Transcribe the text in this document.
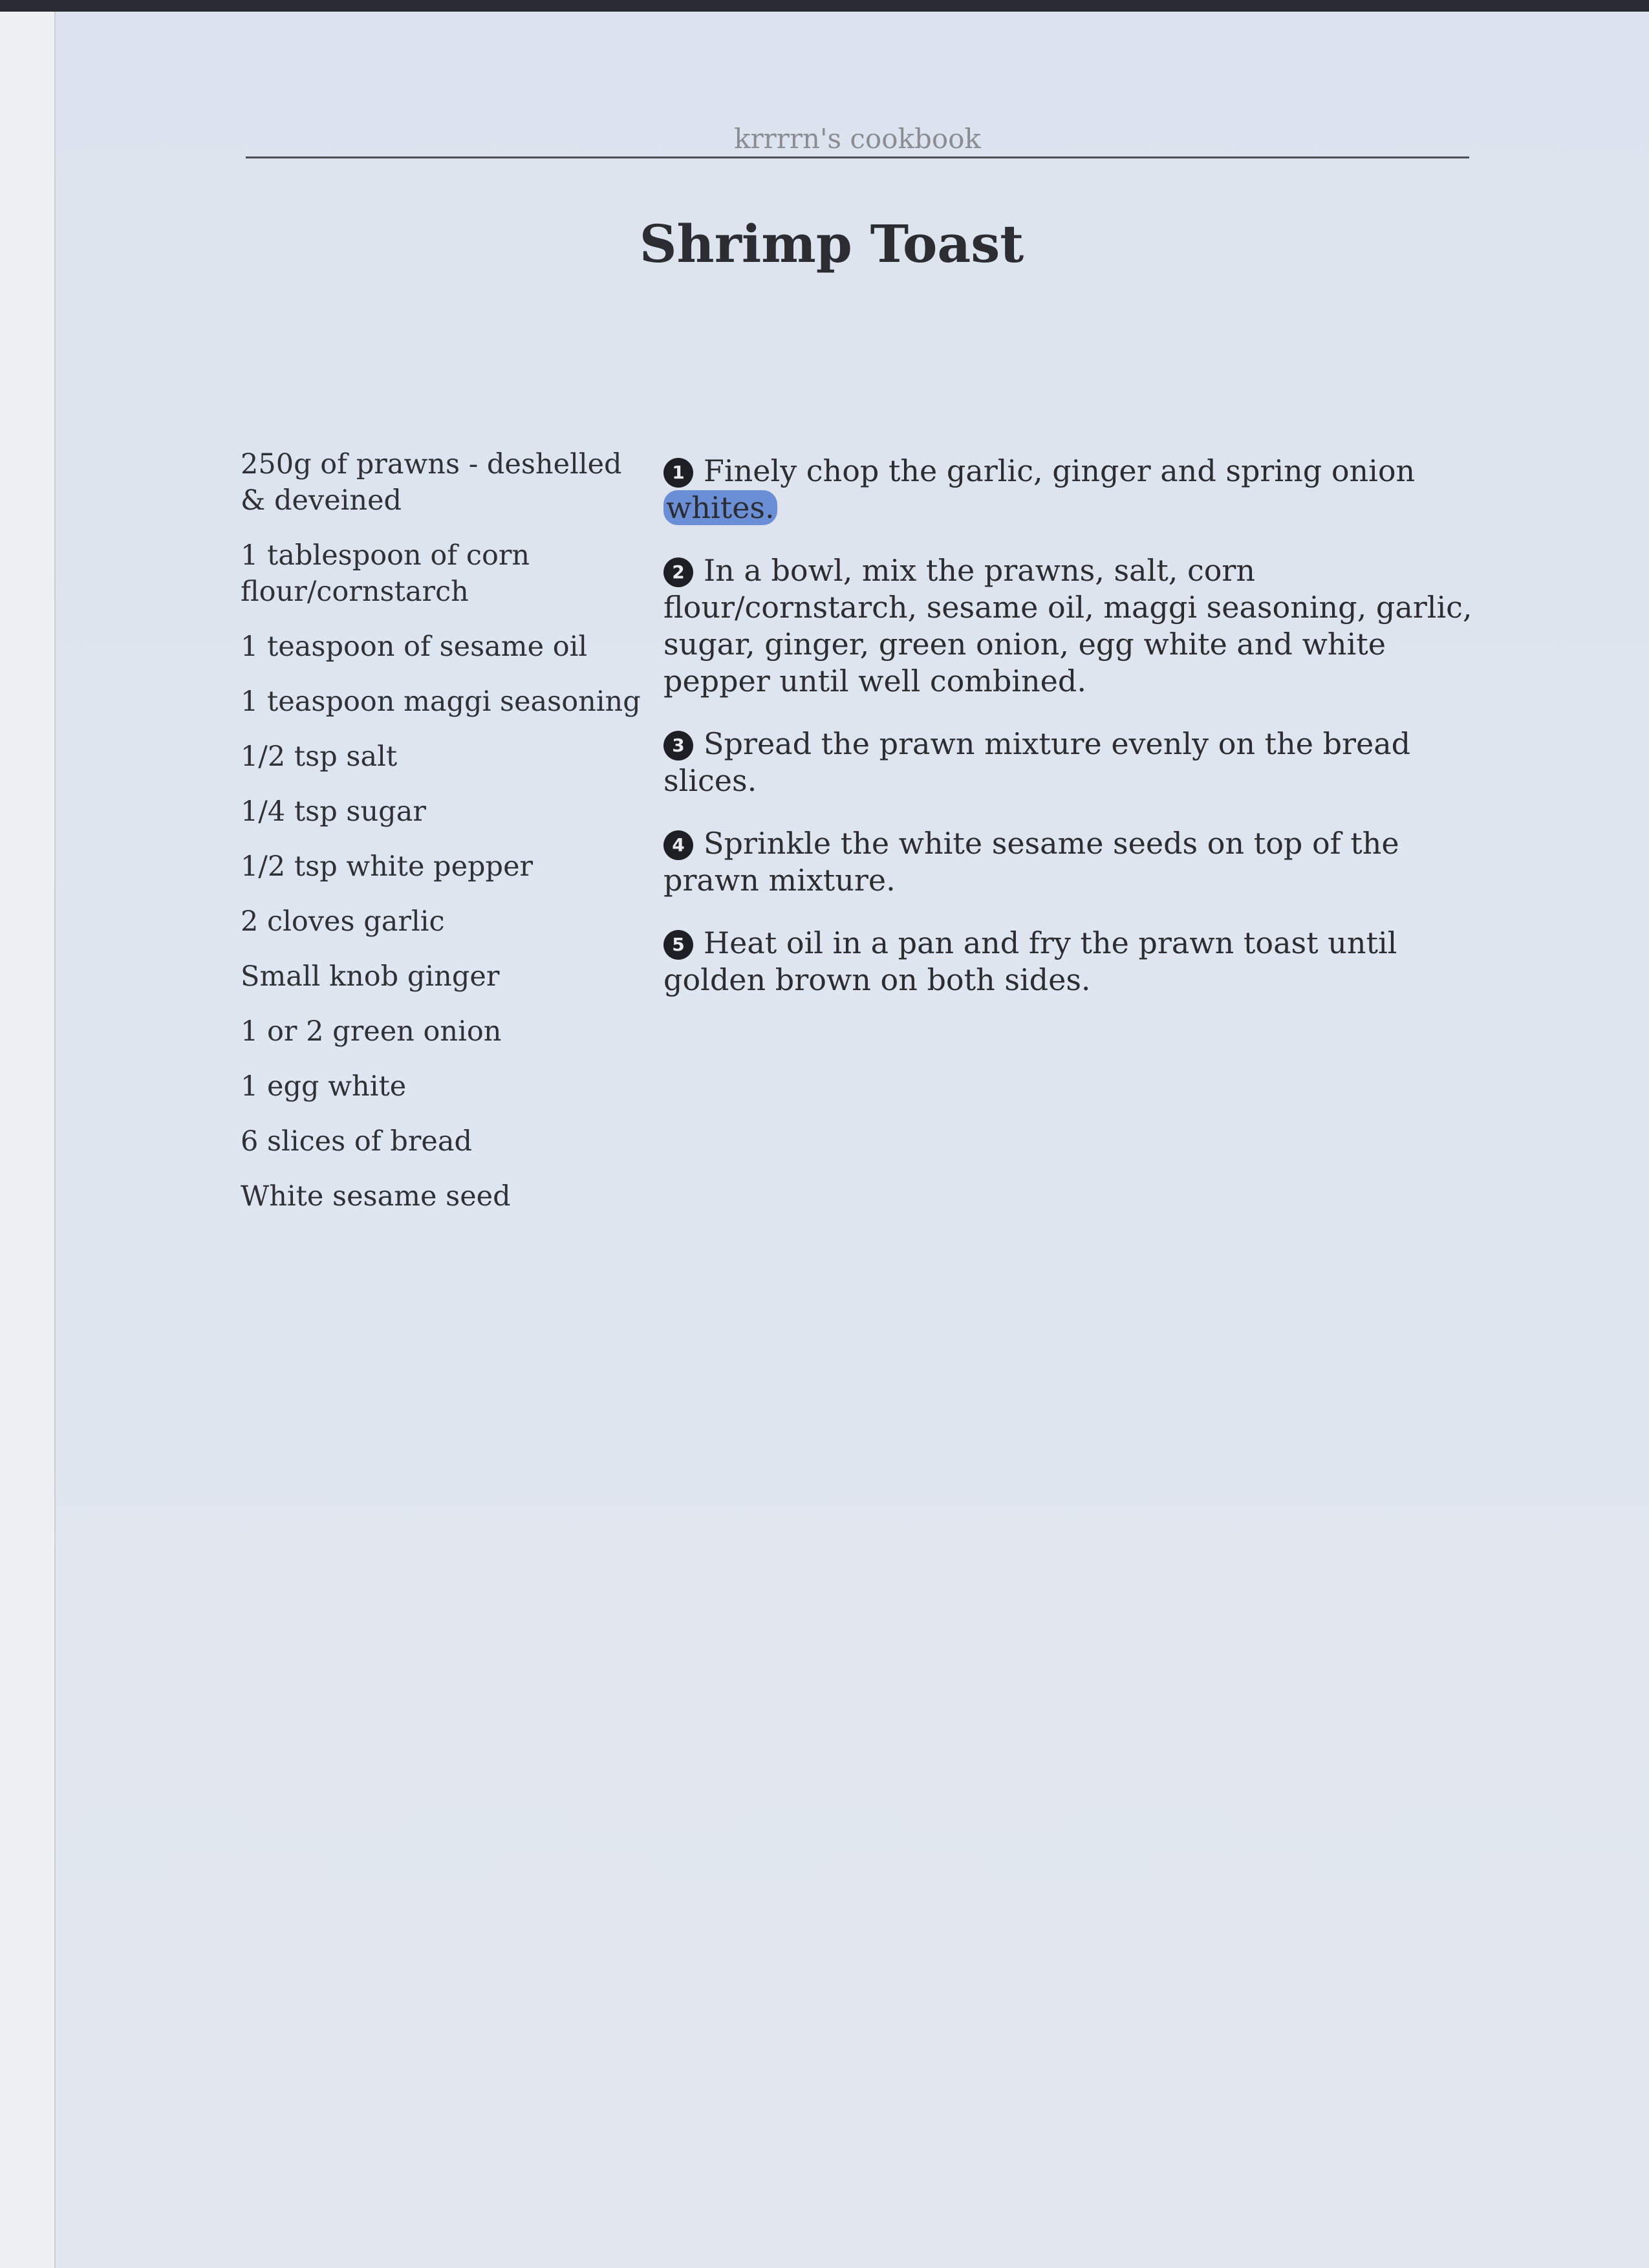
krrrrn's cookbook
Shrimp Toast
250g of prawns - deshelled & deveined
1 tablespoon of corn flour/cornstarch
1 teaspoon of sesame oil
1 teaspoon maggi seasoning
1/2 tsp salt
1/4 tsp sugar
1/2 tsp white pepper
2 cloves garlic
Small knob ginger
1 or 2 green onion
1 egg white
6 slices of bread
White sesame seed
1 Finely chop the garlic, ginger and spring onion whites.
2 In a bowl, mix the prawns, salt, corn flour/cornstarch, sesame oil, maggi seasoning, garlic, sugar, ginger, green onion, egg white and white pepper until well combined.
3 Spread the prawn mixture evenly on the bread slices.
4 Sprinkle the white sesame seeds on top of the prawn mixture.
5 Heat oil in a pan and fry the prawn toast until golden brown on both sides.
